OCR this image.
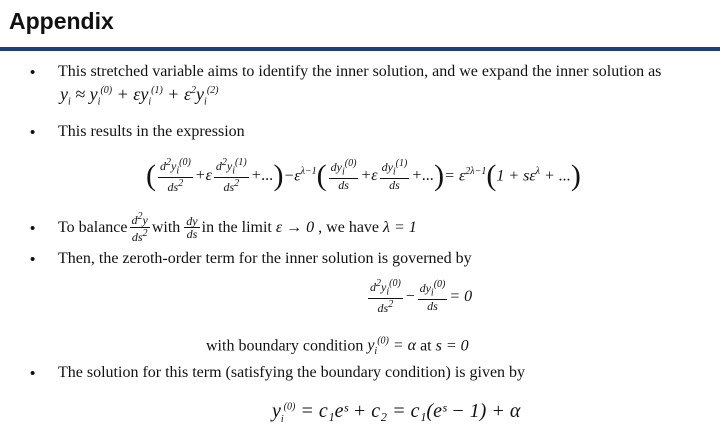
Appendix
• This stretched variable aims to identify the inner solution, and we expand the inner solution as
$y_i \approx y_i^{(0)} + \varepsilon y_i^{(1)} + \varepsilon^2y_i^{(2)}$
• This results in the expression
( $\frac{d^2y_i^{(0)}}{ds^2} +\varepsilon \frac{d^2y_i^{(1)}}{ds^2}$ +... ) $-\varepsilon^{\lambda-1}$ ( $\frac{dy_i^{(0)}}{ds} +\varepsilon \frac{dy_i^{(1)}}{ds}$ +... ) = $\varepsilon^{2\lambda-1}$ ( $1 + s\varepsilon^\lambda$ + ... )
• To balance $\frac{d^2y}{ds^2}$ with $\frac{dy}{ds}$ in the limit ε → 0 , we have λ = 1
• Then, the zeroth-order term for the inner solution is governed by
$\frac{d^2y_i^{(0)}}{ds^2} - \frac{dy_i^{(0)}}{ds} = 0$
with boundary condition $y_i^{(0)} = \alpha$ at s = 0
• The solution for this term (satisfying the boundary condition) is given by
$y_i^{(0)}$ = c₁eˢ + c₂ = c₁(eˢ − 1) + α
